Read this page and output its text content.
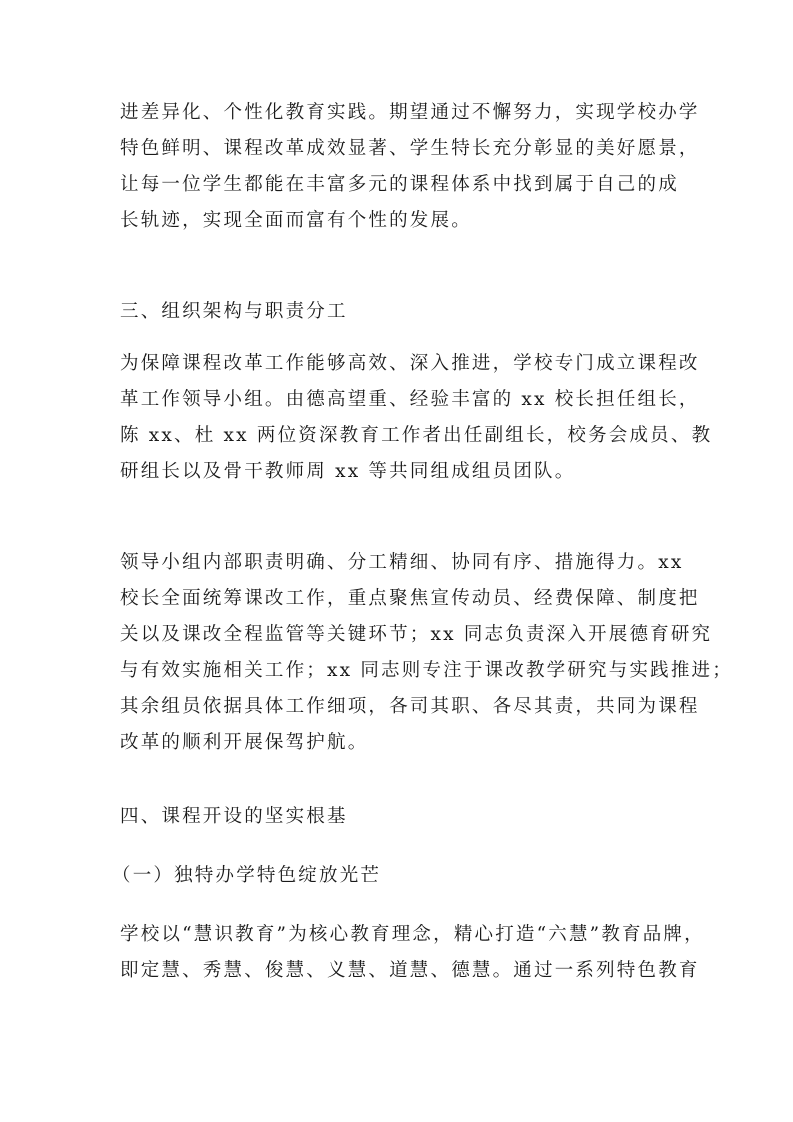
进差异化、个性化教育实践。期望通过不懈努力，实现学校办学
特色鲜明、课程改革成效显著、学生特长充分彰显的美好愿景，
让每一位学生都能在丰富多元的课程体系中找到属于自己的成
长轨迹，实现全面而富有个性的发展。
三、组织架构与职责分工
为保障课程改革工作能够高效、深入推进，学校专门成立课程改
革工作领导小组。由德高望重、经验丰富的 xx 校长担任组长，
陈 xx、杜 xx 两位资深教育工作者出任副组长，校务会成员、教
研组长以及骨干教师周 xx 等共同组成组员团队。
领导小组内部职责明确、分工精细、协同有序、措施得力。xx
校长全面统筹课改工作，重点聚焦宣传动员、经费保障、制度把
关以及课改全程监管等关键环节；xx 同志负责深入开展德育研究
与有效实施相关工作；xx 同志则专注于课改教学研究与实践推进；
其余组员依据具体工作细项，各司其职、各尽其责，共同为课程
改革的顺利开展保驾护航。
四、课程开设的坚实根基
（一）独特办学特色绽放光芒
学校以“慧识教育”为核心教育理念，精心打造“六慧”教育品牌，
即定慧、秀慧、俊慧、义慧、道慧、德慧。通过一系列特色教育
